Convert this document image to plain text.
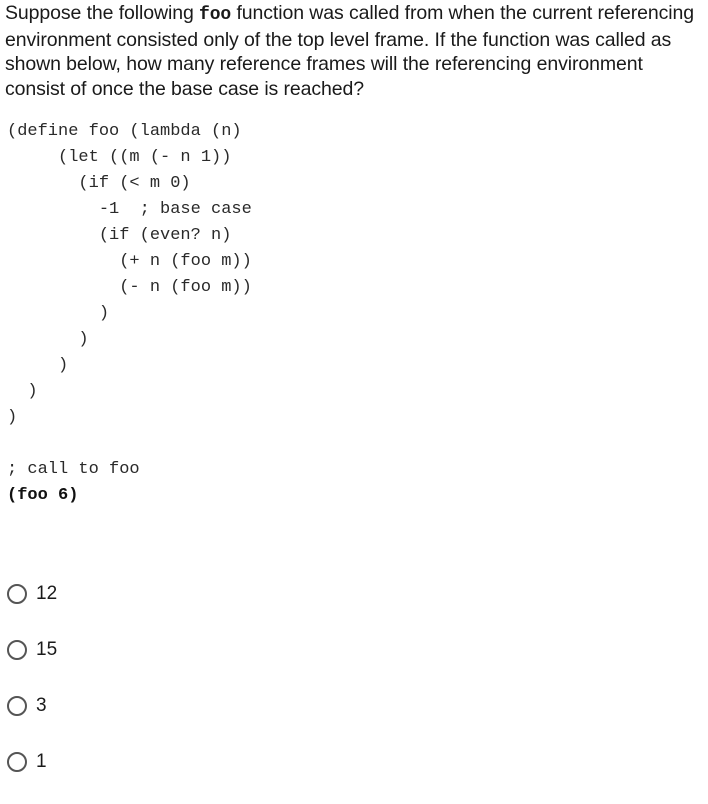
Suppose the following foo function was called from when the current referencing environment consisted only of the top level frame. If the function was called as shown below, how many reference frames will the referencing environment consist of once the base case is reached?
(define foo (lambda (n)
(let ((m (- n 1))
(if (< m 0)
-1  ; base case
(if (even? n)
(+ n (foo m))
(- n (foo m))
)
)
)
)
)

; call to foo
(foo 6)
12
15
3
1
